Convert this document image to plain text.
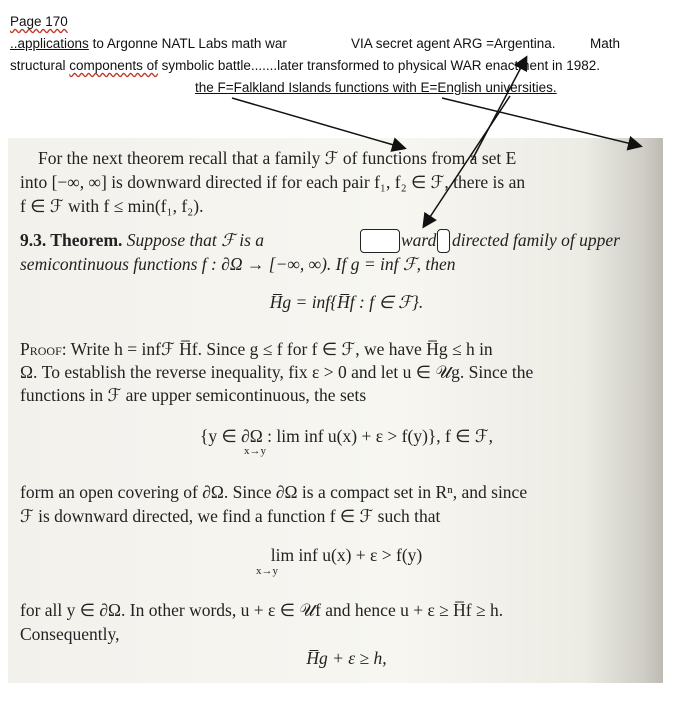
Page 170
..applications to Argonne NATL Labs math war	VIA secret agent ARG =Argentina.	Math
structural components of symbolic battle.......later transformed to physical WAR enactment in 1982.
the F=Falkland Islands functions with E=English universities.
For the next theorem recall that a family ℱ of functions from a set E
into [−∞, ∞] is downward directed if for each pair f₁, f₂ ∈ ℱ, there is an
f ∈ ℱ with f ≤ min(f₁, f₂).
9.3. Theorem. Suppose that ℱ is a	ward directed family of upper
semicontinuous functions f : ∂Ω → [−∞, ∞). If g = inf ℱ, then
H̅g = inf{H̅f : f ∈ ℱ}.
Proof: Write h = infℱ H̅f. Since g ≤ f for f ∈ ℱ, we have H̅g ≤ h in
Ω. To establish the reverse inequality, fix ε > 0 and let u ∈ 𝒰g. Since the
functions in ℱ are upper semicontinuous, the sets
{y ∈ ∂Ω : lim inf u(x) + ε > f(y)}, f ∈ ℱ,
x→y
form an open covering of ∂Ω. Since ∂Ω is a compact set in Rⁿ, and since
ℱ is downward directed, we find a function f ∈ ℱ such that
lim inf u(x) + ε > f(y)
x→y
for all y ∈ ∂Ω. In other words, u + ε ∈ 𝒰f and hence u + ε ≥ H̅f ≥ h.
Consequently,
H̅g + ε ≥ h,
